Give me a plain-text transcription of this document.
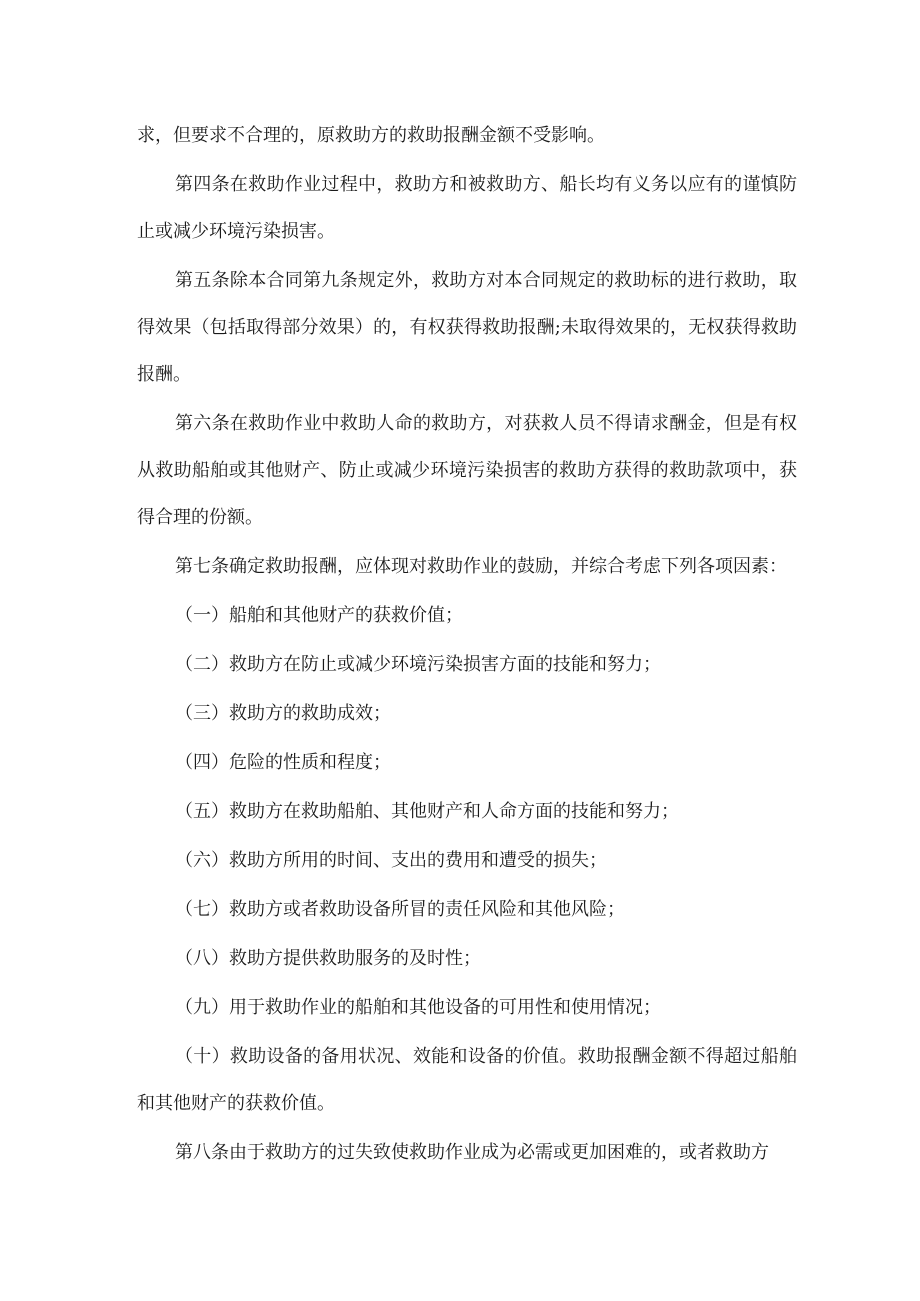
求，但要求不合理的，原救助方的救助报酬金额不受影响。

第四条在救助作业过程中，救助方和被救助方、船长均有义务以应有的谨慎防止或减少环境污染损害。

第五条除本合同第九条规定外，救助方对本合同规定的救助标的进行救助，取得效果（包括取得部分效果）的，有权获得救助报酬;未取得效果的，无权获得救助报酬。

第六条在救助作业中救助人命的救助方，对获救人员不得请求酬金，但是有权从救助船舶或其他财产、防止或减少环境污染损害的救助方获得的救助款项中，获得合理的份额。

第七条确定救助报酬，应体现对救助作业的鼓励，并综合考虑下列各项因素：

（一）船舶和其他财产的获救价值；

（二）救助方在防止或减少环境污染损害方面的技能和努力；

（三）救助方的救助成效；

（四）危险的性质和程度；

（五）救助方在救助船舶、其他财产和人命方面的技能和努力；

（六）救助方所用的时间、支出的费用和遭受的损失；

（七）救助方或者救助设备所冒的责任风险和其他风险；

（八）救助方提供救助服务的及时性；

（九）用于救助作业的船舶和其他设备的可用性和使用情况；

（十）救助设备的备用状况、效能和设备的价值。救助报酬金额不得超过船舶和其他财产的获救价值。

第八条由于救助方的过失致使救助作业成为必需或更加困难的，或者救助方
